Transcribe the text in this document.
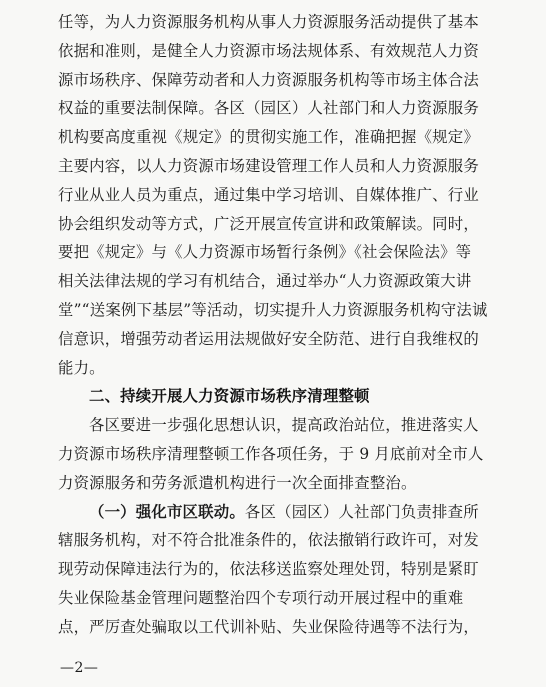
任等，为人力资源服务机构从事人力资源服务活动提供了基本
依据和准则，是健全人力资源市场法规体系、有效规范人力资
源市场秩序、保障劳动者和人力资源服务机构等市场主体合法
权益的重要法制保障。各区（园区）人社部门和人力资源服务
机构要高度重视《规定》的贯彻实施工作，准确把握《规定》
主要内容，以人力资源市场建设管理工作人员和人力资源服务
行业从业人员为重点，通过集中学习培训、自媒体推广、行业
协会组织发动等方式，广泛开展宣传宣讲和政策解读。同时，
要把《规定》与《人力资源市场暂行条例》《社会保险法》等
相关法律法规的学习有机结合，通过举办“人力资源政策大讲
堂”“送案例下基层”等活动，切实提升人力资源服务机构守法诚
信意识，增强劳动者运用法规做好安全防范、进行自我维权的
能力。
二、持续开展人力资源市场秩序清理整顿
各区要进一步强化思想认识，提高政治站位，推进落实人
力资源市场秩序清理整顿工作各项任务，于 9 月底前对全市人
力资源服务和劳务派遣机构进行一次全面排查整治。
（一）强化市区联动。各区（园区）人社部门负责排查所
辖服务机构，对不符合批准条件的，依法撤销行政许可，对发
现劳动保障违法行为的，依法移送监察处理处罚，特别是紧盯
失业保险基金管理问题整治四个专项行动开展过程中的重难
点，严厉查处骗取以工代训补贴、失业保险待遇等不法行为，
—2—
